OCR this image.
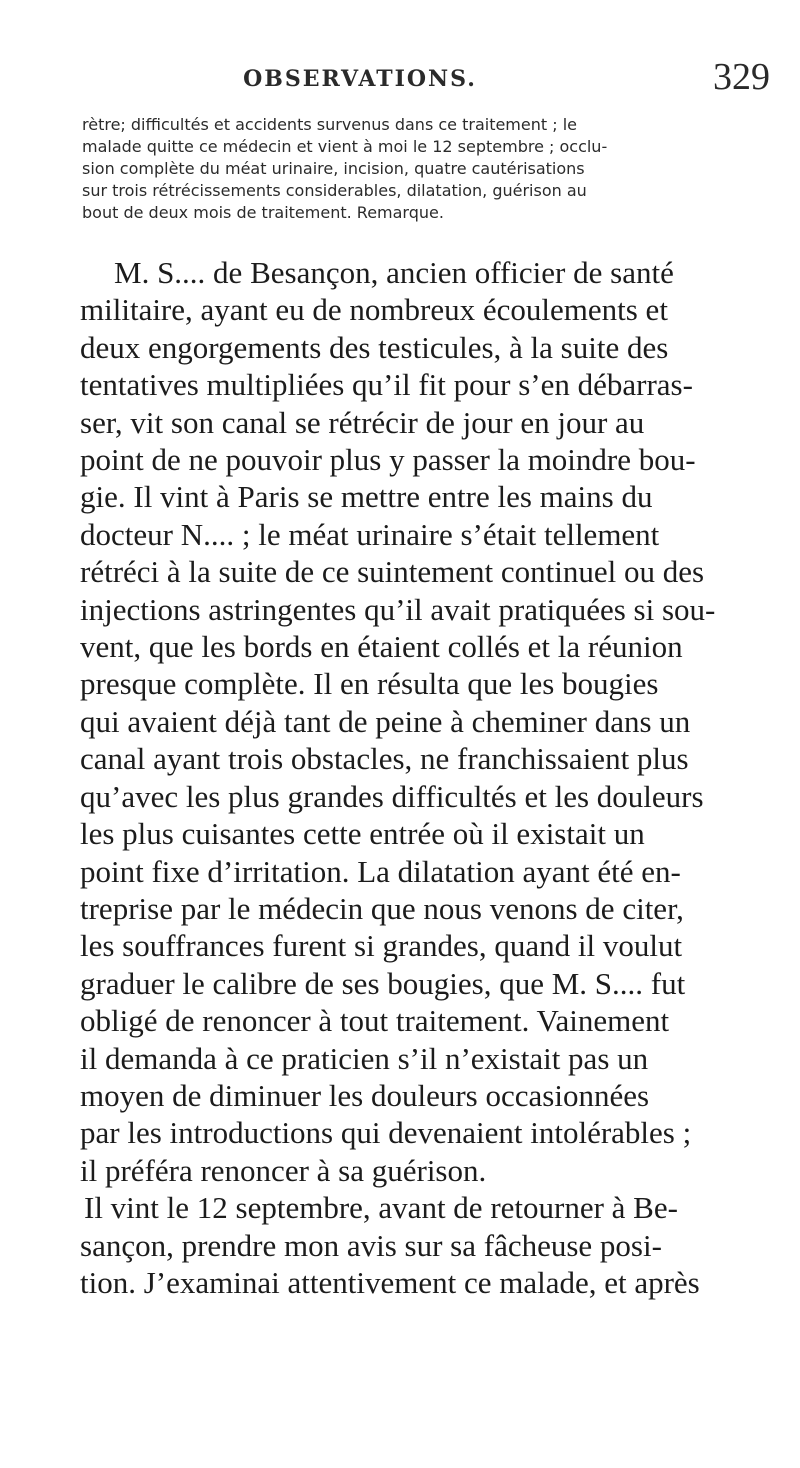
OBSERVATIONS.	329
rètre; difficultés et accidents survenus dans ce traitement ; le
malade quitte ce médecin et vient à moi le 12 septembre ; occlu-
sion complète du méat urinaire, incision, quatre cautérisations
sur trois rétrécissements considerables, dilatation, guérison au
bout de deux mois de traitement. Remarque.
M. S.... de Besançon, ancien officier de santé
militaire, ayant eu de nombreux écoulements et
deux engorgements des testicules, à la suite des
tentatives multipliées qu’il fit pour s’en débarras-
ser, vit son canal se rétrécir de jour en jour au
point de ne pouvoir plus y passer la moindre bou-
gie. Il vint à Paris se mettre entre les mains du
docteur N.... ; le méat urinaire s’était tellement
rétréci à la suite de ce suintement continuel ou des
injections astringentes qu’il avait pratiquées si sou-
vent, que les bords en étaient collés et la réunion
presque complète. Il en résulta que les bougies
qui avaient déjà tant de peine à cheminer dans un
canal ayant trois obstacles, ne franchissaient plus
qu’avec les plus grandes difficultés et les douleurs
les plus cuisantes cette entrée où il existait un
point fixe d’irritation. La dilatation ayant été en-
treprise par le médecin que nous venons de citer,
les souffrances furent si grandes, quand il voulut
graduer le calibre de ses bougies, que M. S.... fut
obligé de renoncer à tout traitement. Vainement
il demanda à ce praticien s’il n’existait pas un
moyen de diminuer les douleurs occasionnées
par les introductions qui devenaient intolérables ;
il préféra renoncer à sa guérison.
Il vint le 12 septembre, avant de retourner à Be-
sançon, prendre mon avis sur sa fâcheuse posi-
tion. J’examinai attentivement ce malade, et après
